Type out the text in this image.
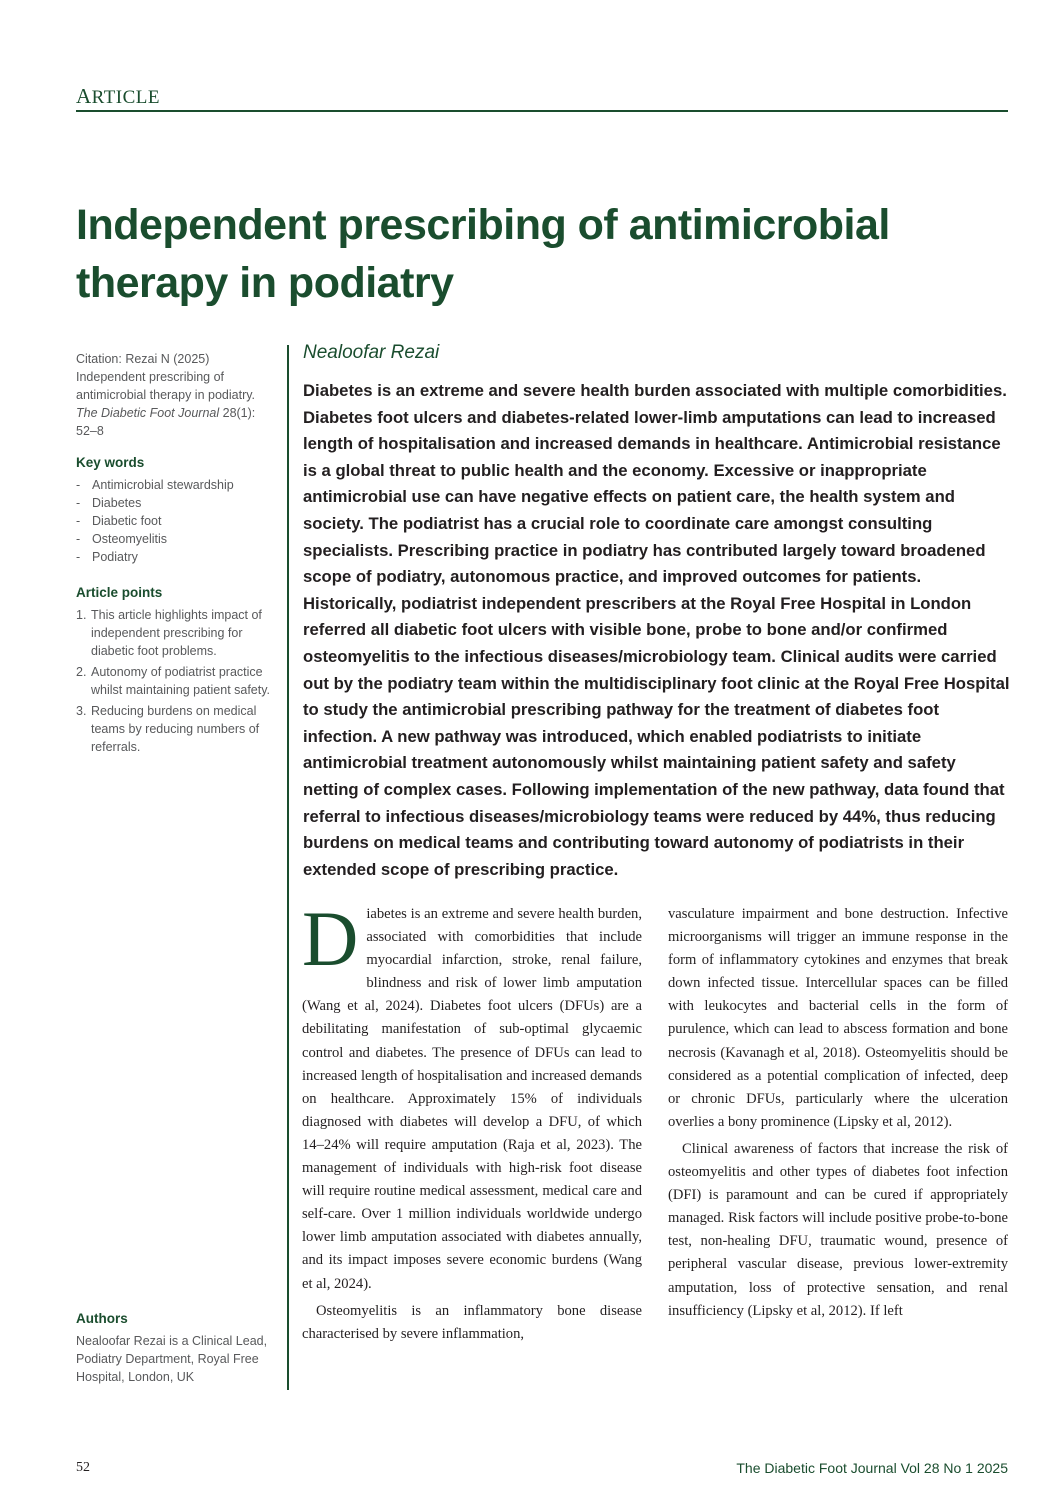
ARTICLE
Independent prescribing of antimicrobial therapy in podiatry
Citation: Rezai N (2025) Independent prescribing of antimicrobial therapy in podiatry. The Diabetic Foot Journal 28(1): 52–8
Key words
- Antimicrobial stewardship
- Diabetes
- Diabetic foot
- Osteomyelitis
- Podiatry
Article points
1. This article highlights impact of independent prescribing for diabetic foot problems.
2. Autonomy of podiatrist practice whilst maintaining patient safety.
3. Reducing burdens on medical teams by reducing numbers of referrals.
Authors
Nealoofar Rezai is a Clinical Lead, Podiatry Department, Royal Free Hospital, London, UK
Nealoofar Rezai
Diabetes is an extreme and severe health burden associated with multiple comorbidities. Diabetes foot ulcers and diabetes-related lower-limb amputations can lead to increased length of hospitalisation and increased demands in healthcare. Antimicrobial resistance is a global threat to public health and the economy. Excessive or inappropriate antimicrobial use can have negative effects on patient care, the health system and society. The podiatrist has a crucial role to coordinate care amongst consulting specialists. Prescribing practice in podiatry has contributed largely toward broadened scope of podiatry, autonomous practice, and improved outcomes for patients. Historically, podiatrist independent prescribers at the Royal Free Hospital in London referred all diabetic foot ulcers with visible bone, probe to bone and/or confirmed osteomyelitis to the infectious diseases/microbiology team. Clinical audits were carried out by the podiatry team within the multidisciplinary foot clinic at the Royal Free Hospital to study the antimicrobial prescribing pathway for the treatment of diabetes foot infection. A new pathway was introduced, which enabled podiatrists to initiate antimicrobial treatment autonomously whilst maintaining patient safety and safety netting of complex cases. Following implementation of the new pathway, data found that referral to infectious diseases/microbiology teams were reduced by 44%, thus reducing burdens on medical teams and contributing toward autonomy of podiatrists in their extended scope of prescribing practice.

Diabetes is an extreme and severe health burden, associated with comorbidities that include myocardial infarction, stroke, renal failure, blindness and risk of lower limb amputation (Wang et al, 2024). Diabetes foot ulcers (DFUs) are a debilitating manifestation of sub-optimal glycaemic control and diabetes. The presence of DFUs can lead to increased length of hospitalisation and increased demands on healthcare. Approximately 15% of individuals diagnosed with diabetes will develop a DFU, of which 14–24% will require amputation (Raja et al, 2023). The management of individuals with high-risk foot disease will require routine medical assessment, medical care and self-care. Over 1 million individuals worldwide undergo lower limb amputation associated with diabetes annually, and its impact imposes severe economic burdens (Wang et al, 2024).

Osteomyelitis is an inflammatory bone disease characterised by severe inflammation,

vasculature impairment and bone destruction. Infective microorganisms will trigger an immune response in the form of inflammatory cytokines and enzymes that break down infected tissue. Intercellular spaces can be filled with leukocytes and bacterial cells in the form of purulence, which can lead to abscess formation and bone necrosis (Kavanagh et al, 2018). Osteomyelitis should be considered as a potential complication of infected, deep or chronic DFUs, particularly where the ulceration overlies a bony prominence (Lipsky et al, 2012).

Clinical awareness of factors that increase the risk of osteomyelitis and other types of diabetes foot infection (DFI) is paramount and can be cured if appropriately managed. Risk factors will include positive probe-to-bone test, non-healing DFU, traumatic wound, presence of peripheral vascular disease, previous lower-extremity amputation, loss of protective sensation, and renal insufficiency (Lipsky et al, 2012). If left

52	The Diabetic Foot Journal Vol 28 No 1 2025
